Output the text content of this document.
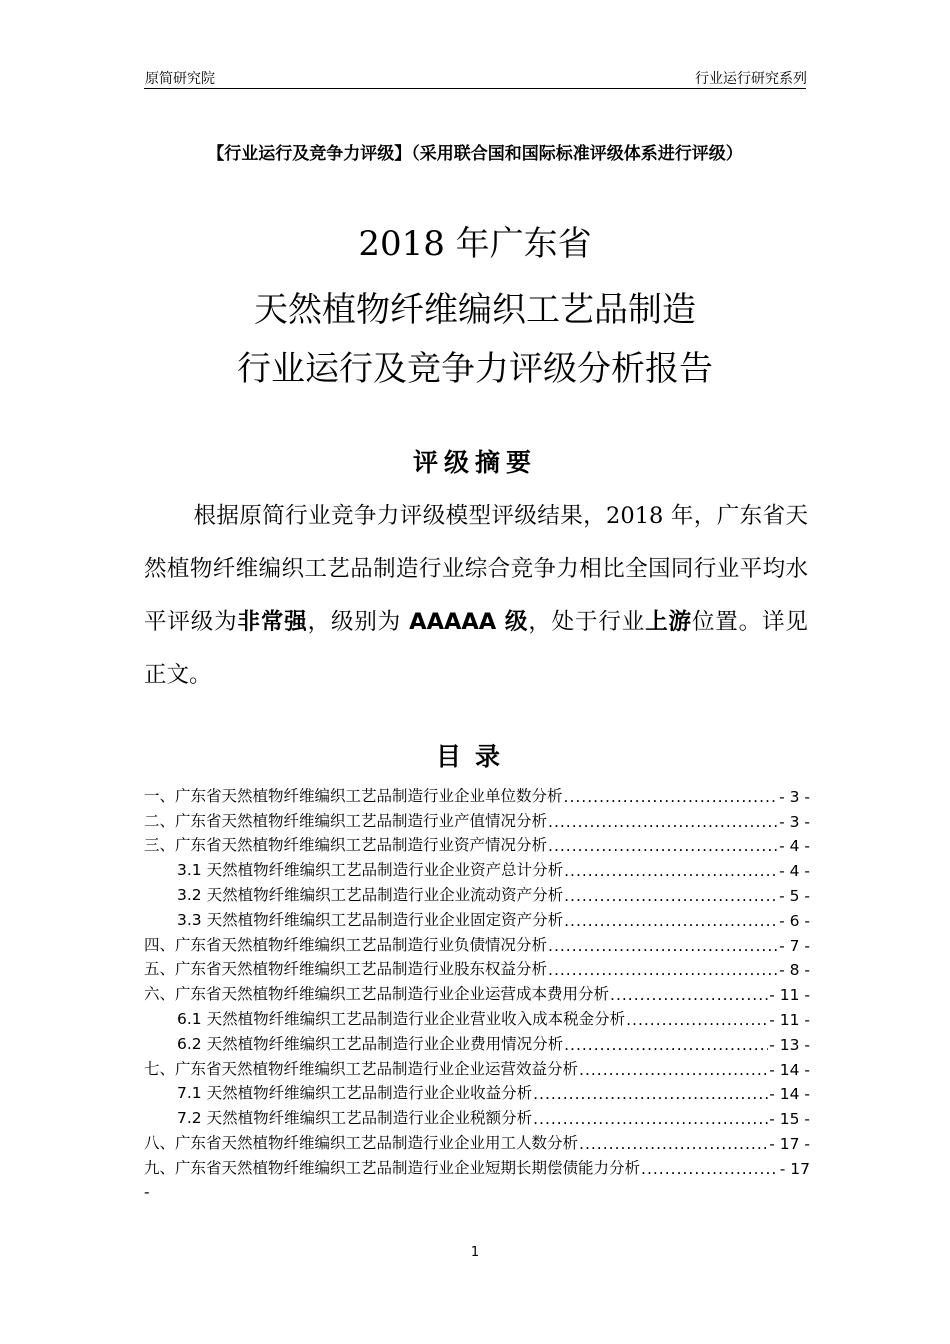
原简研究院	行业运行研究系列
【行业运行及竞争力评级】（采用联合国和国际标准评级体系进行评级）
2018 年广东省
天然植物纤维编织工艺品制造
行业运行及竞争力评级分析报告
评级摘要
根据原简行业竞争力评级模型评级结果，2018 年，广东省天然植物纤维编织工艺品制造行业综合竞争力相比全国同行业平均水平评级为非常强，级别为 AAAAA 级，处于行业上游位置。详见正文。
目录
一、广东省天然植物纤维编织工艺品制造行业企业单位数分析 .....	- 3 -
二、广东省天然植物纤维编织工艺品制造行业产值情况分析 .....	- 3 -
三、广东省天然植物纤维编织工艺品制造行业资产情况分析 .....	- 4 -
3.1 天然植物纤维编织工艺品制造行业企业资产总计分析 .....	- 4 -
3.2 天然植物纤维编织工艺品制造行业企业流动资产分析 .....	- 5 -
3.3 天然植物纤维编织工艺品制造行业企业固定资产分析 .....	- 6 -
四、广东省天然植物纤维编织工艺品制造行业负债情况分析 .....	- 7 -
五、广东省天然植物纤维编织工艺品制造行业股东权益分析 .....	- 8 -
六、广东省天然植物纤维编织工艺品制造行业企业运营成本费用分析 .....	- 11 -
6.1 天然植物纤维编织工艺品制造行业企业营业收入成本税金分析 .....	- 11 -
6.2 天然植物纤维编织工艺品制造行业企业费用情况分析 .....	- 13 -
七、广东省天然植物纤维编织工艺品制造行业企业运营效益分析 .....	- 14 -
7.1 天然植物纤维编织工艺品制造行业企业收益分析 .....	- 14 -
7.2 天然植物纤维编织工艺品制造行业企业税额分析 .....	- 15 -
八、广东省天然植物纤维编织工艺品制造行业企业用工人数分析 .....	- 17 -
九、广东省天然植物纤维编织工艺品制造行业企业短期长期偿债能力分析 .....	- 17
-
1
